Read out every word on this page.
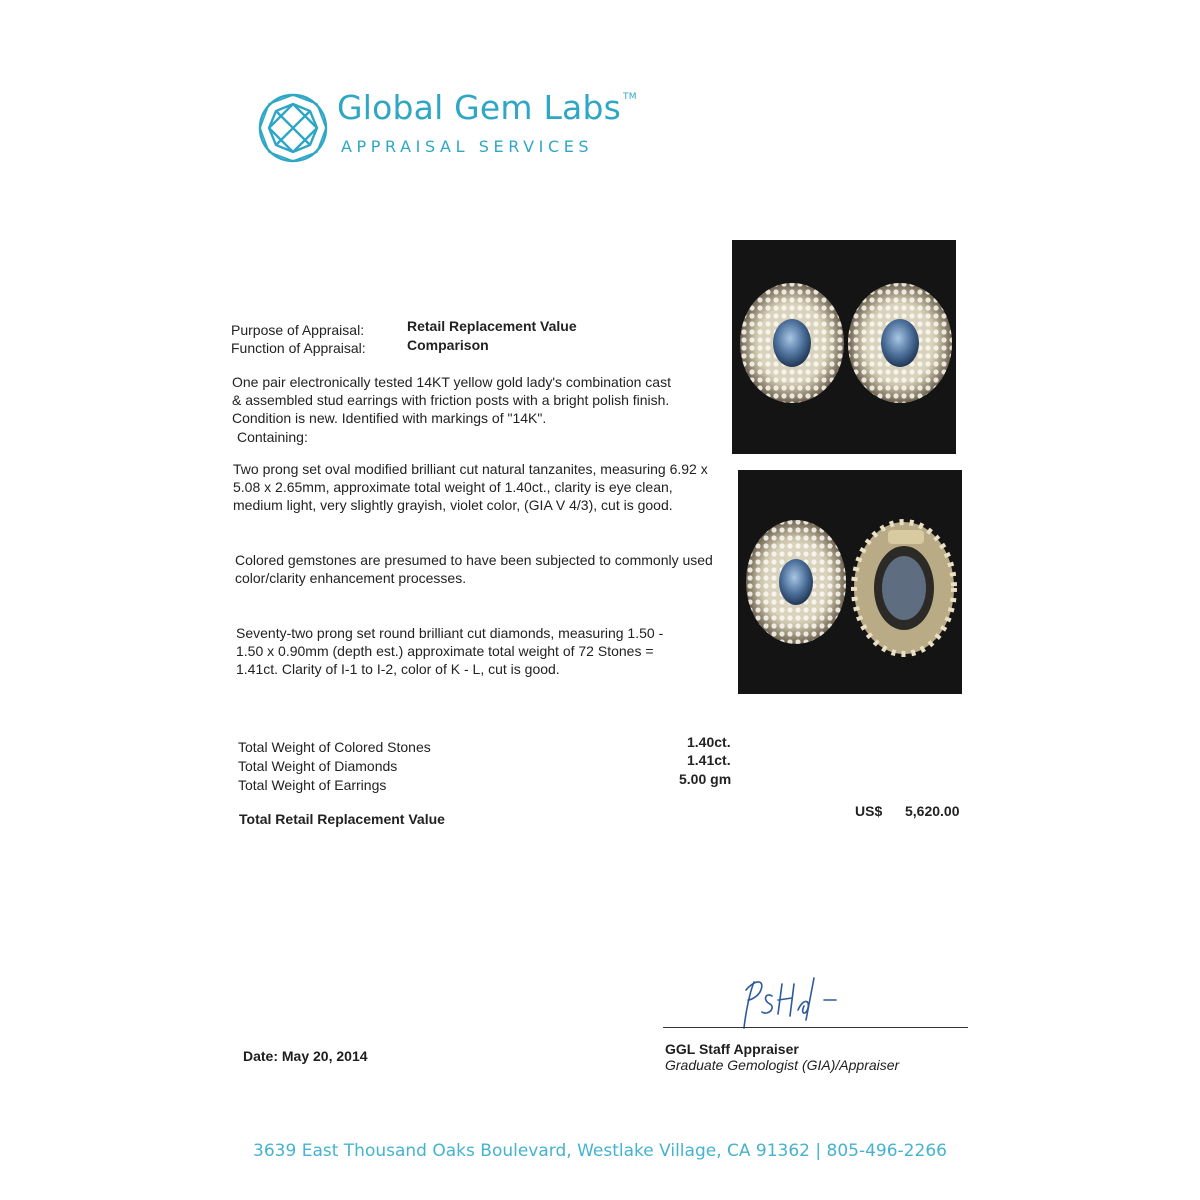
Global Gem Labs ™
APPRAISAL SERVICES
Purpose of Appraisal:	Retail Replacement Value
Function of Appraisal:	Comparison
One pair electronically tested 14KT yellow gold lady's combination cast & assembled stud earrings with friction posts with a bright polish finish. Condition is new. Identified with markings of "14K".
Containing:
Two prong set oval modified brilliant cut natural tanzanites, measuring 6.92 x 5.08 x 2.65mm, approximate total weight of 1.40ct., clarity is eye clean, medium light, very slightly grayish, violet color, (GIA V 4/3), cut is good.
Colored gemstones are presumed to have been subjected to commonly used color/clarity enhancement processes.
Seventy-two prong set round brilliant cut diamonds, measuring 1.50 - 1.50 x 0.90mm (depth est.) approximate total weight of 72 Stones = 1.41ct. Clarity of I-1 to I-2, color of K - L, cut is good.
Total Weight of Colored Stones	1.40ct.
Total Weight of Diamonds	1.41ct.
Total Weight of Earrings	5.00 gm
Total Retail Replacement Value	US$ 5,620.00
GGL Staff Appraiser
Graduate Gemologist (GIA)/Appraiser
Date: May 20, 2014
3639 East Thousand Oaks Boulevard, Westlake Village, CA 91362 | 805-496-2266
